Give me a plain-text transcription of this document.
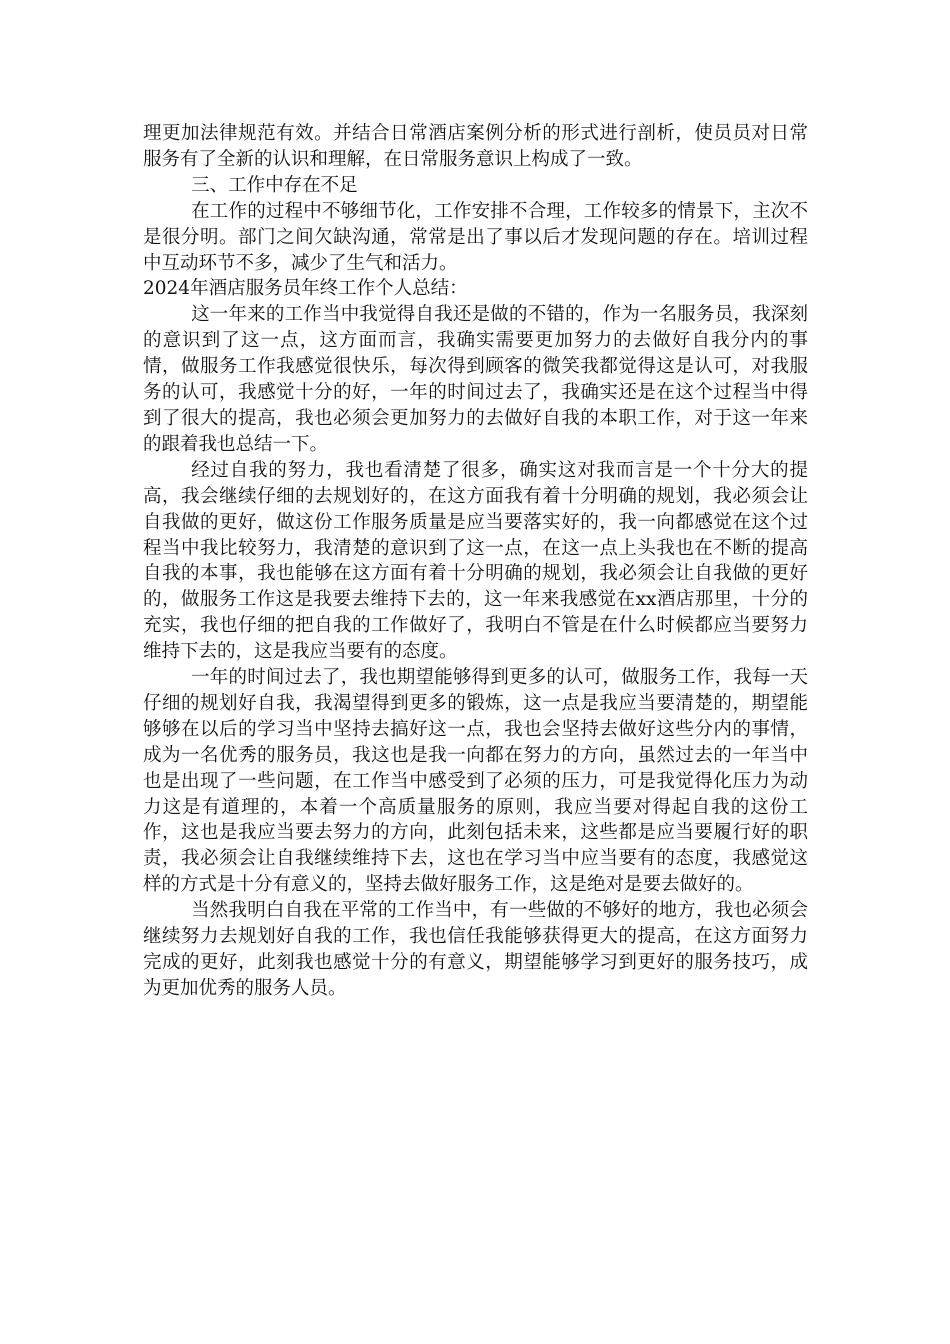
理更加法律规范有效。并结合日常酒店案例分析的形式进行剖析，使员员对日常服务有了全新的认识和理解，在日常服务意识上构成了一致。

三、工作中存在不足

在工作的过程中不够细节化，工作安排不合理，工作较多的情景下，主次不是很分明。部门之间欠缺沟通，常常是出了事以后才发现问题的存在。培训过程中互动环节不多，减少了生气和活力。

2024年酒店服务员年终工作个人总结：

这一年来的工作当中我觉得自我还是做的不错的，作为一名服务员，我深刻的意识到了这一点，这方面而言，我确实需要更加努力的去做好自我分内的事情，做服务工作我感觉很快乐，每次得到顾客的微笑我都觉得这是认可，对我服务的认可，我感觉十分的好，一年的时间过去了，我确实还是在这个过程当中得到了很大的提高，我也必须会更加努力的去做好自我的本职工作，对于这一年来的跟着我也总结一下。

经过自我的努力，我也看清楚了很多，确实这对我而言是一个十分大的提高，我会继续仔细的去规划好的，在这方面我有着十分明确的规划，我必须会让自我做的更好，做这份工作服务质量是应当要落实好的，我一向都感觉在这个过程当中我比较努力，我清楚的意识到了这一点，在这一点上头我也在不断的提高自我的本事，我也能够在这方面有着十分明确的规划，我必须会让自我做的更好的，做服务工作这是我要去维持下去的，这一年来我感觉在xx酒店那里，十分的充实，我也仔细的把自我的工作做好了，我明白不管是在什么时候都应当要努力维持下去的，这是我应当要有的态度。

一年的时间过去了，我也期望能够得到更多的认可，做服务工作，我每一天仔细的规划好自我，我渴望得到更多的锻炼，这一点是我应当要清楚的，期望能够够在以后的学习当中坚持去搞好这一点，我也会坚持去做好这些分内的事情，成为一名优秀的服务员，我这也是我一向都在努力的方向，虽然过去的一年当中也是出现了一些问题，在工作当中感受到了必须的压力，可是我觉得化压力为动力这是有道理的，本着一个高质量服务的原则，我应当要对得起自我的这份工作，这也是我应当要去努力的方向，此刻包括未来，这些都是应当要履行好的职责，我必须会让自我继续维持下去，这也在学习当中应当要有的态度，我感觉这样的方式是十分有意义的，坚持去做好服务工作，这是绝对是要去做好的。

当然我明白自我在平常的工作当中，有一些做的不够好的地方，我也必须会继续努力去规划好自我的工作，我也信任我能够获得更大的提高，在这方面努力完成的更好，此刻我也感觉十分的有意义，期望能够学习到更好的服务技巧，成为更加优秀的服务人员。
